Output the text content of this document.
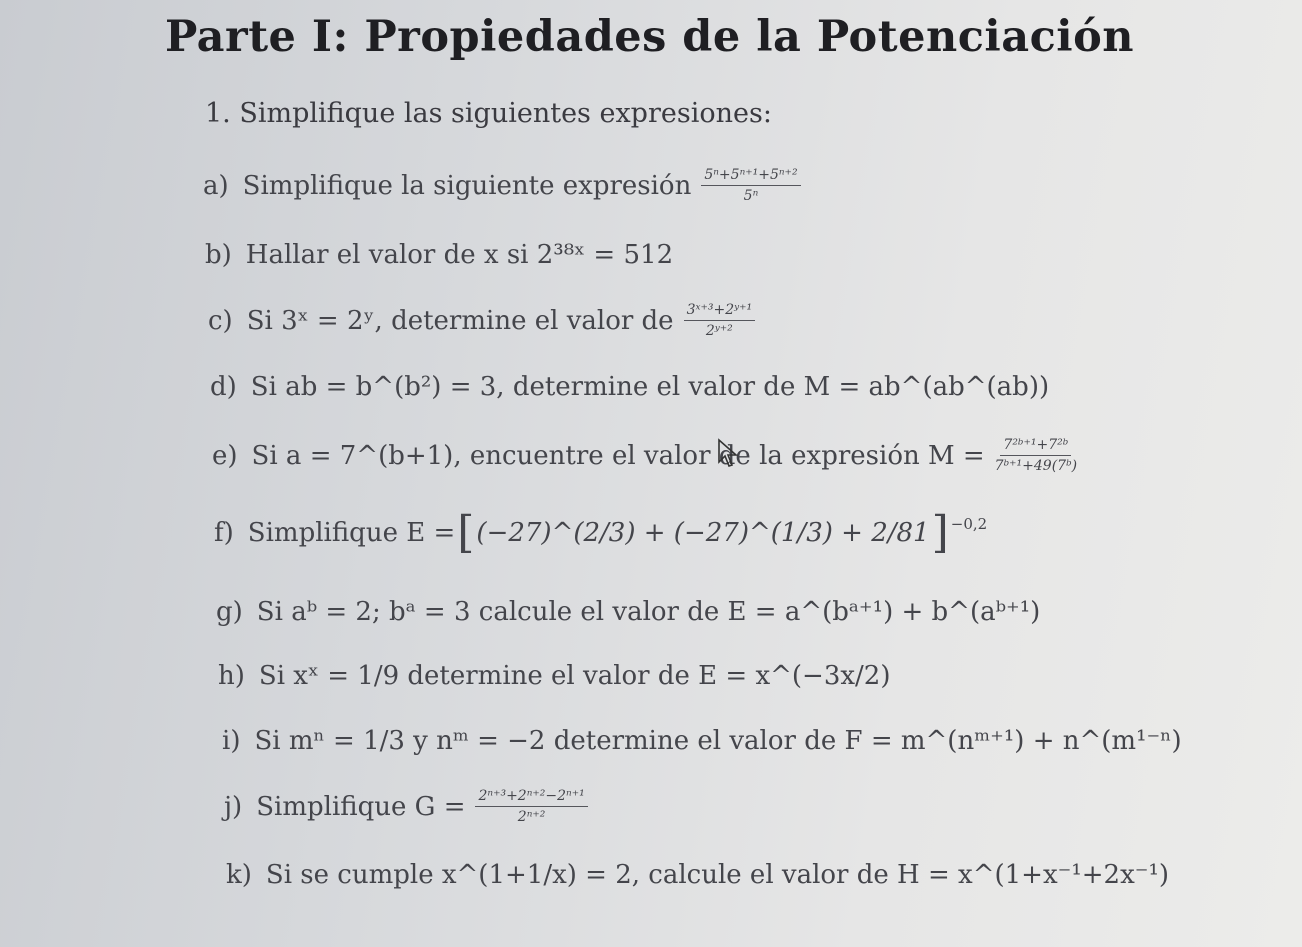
Parte I: Propiedades de la Potenciación
1. Simplifique las siguientes expresiones:
a) Simplifique la siguiente expresión $\frac{\text{5ⁿ+5ⁿ⁺¹+5ⁿ⁺²}}{\text{5ⁿ}}$
b) Hallar el valor de x si 2³⁸ˣ = 512
c) Si 3ˣ = 2ʸ, determine el valor de $\frac{\text{3ˣ⁺³+2ʸ⁺¹}}{\text{2ʸ⁺²}}$
d) Si ab = b^(b²) = 3, determine el valor de M = ab^(ab^(ab))
e) Si a = 7^(b+1), encuentre el valor de la expresión $M = \frac{\text{7²ᵇ⁺¹+7²ᵇ}}{\text{7ᵇ⁺¹+49(7ᵇ)}}$
f) Simplifique E = [ (−27)^(2/3) + (−27)^(1/3) + 2/81 ]$^{-0,2}$
g) Si aᵇ = 2; bᵃ = 3 calcule el valor de E = a^(bᵃ⁺¹) + b^(aᵇ⁺¹)
h) Si xˣ = 1/9 determine el valor de E = x^(−3x/2)
i) Si mⁿ = 1/3 y nᵐ = −2 determine el valor de F = m^(nᵐ⁺¹) + n^(m¹⁻ⁿ)
j) Simplifique $G = \frac{\text{2ⁿ⁺³+2ⁿ⁺²−2ⁿ⁺¹}}{\text{2ⁿ⁺²}}$
k) Si se cumple x^(1+1/x) = 2, calcule el valor de H = x^(1+x⁻¹+2x⁻¹)
